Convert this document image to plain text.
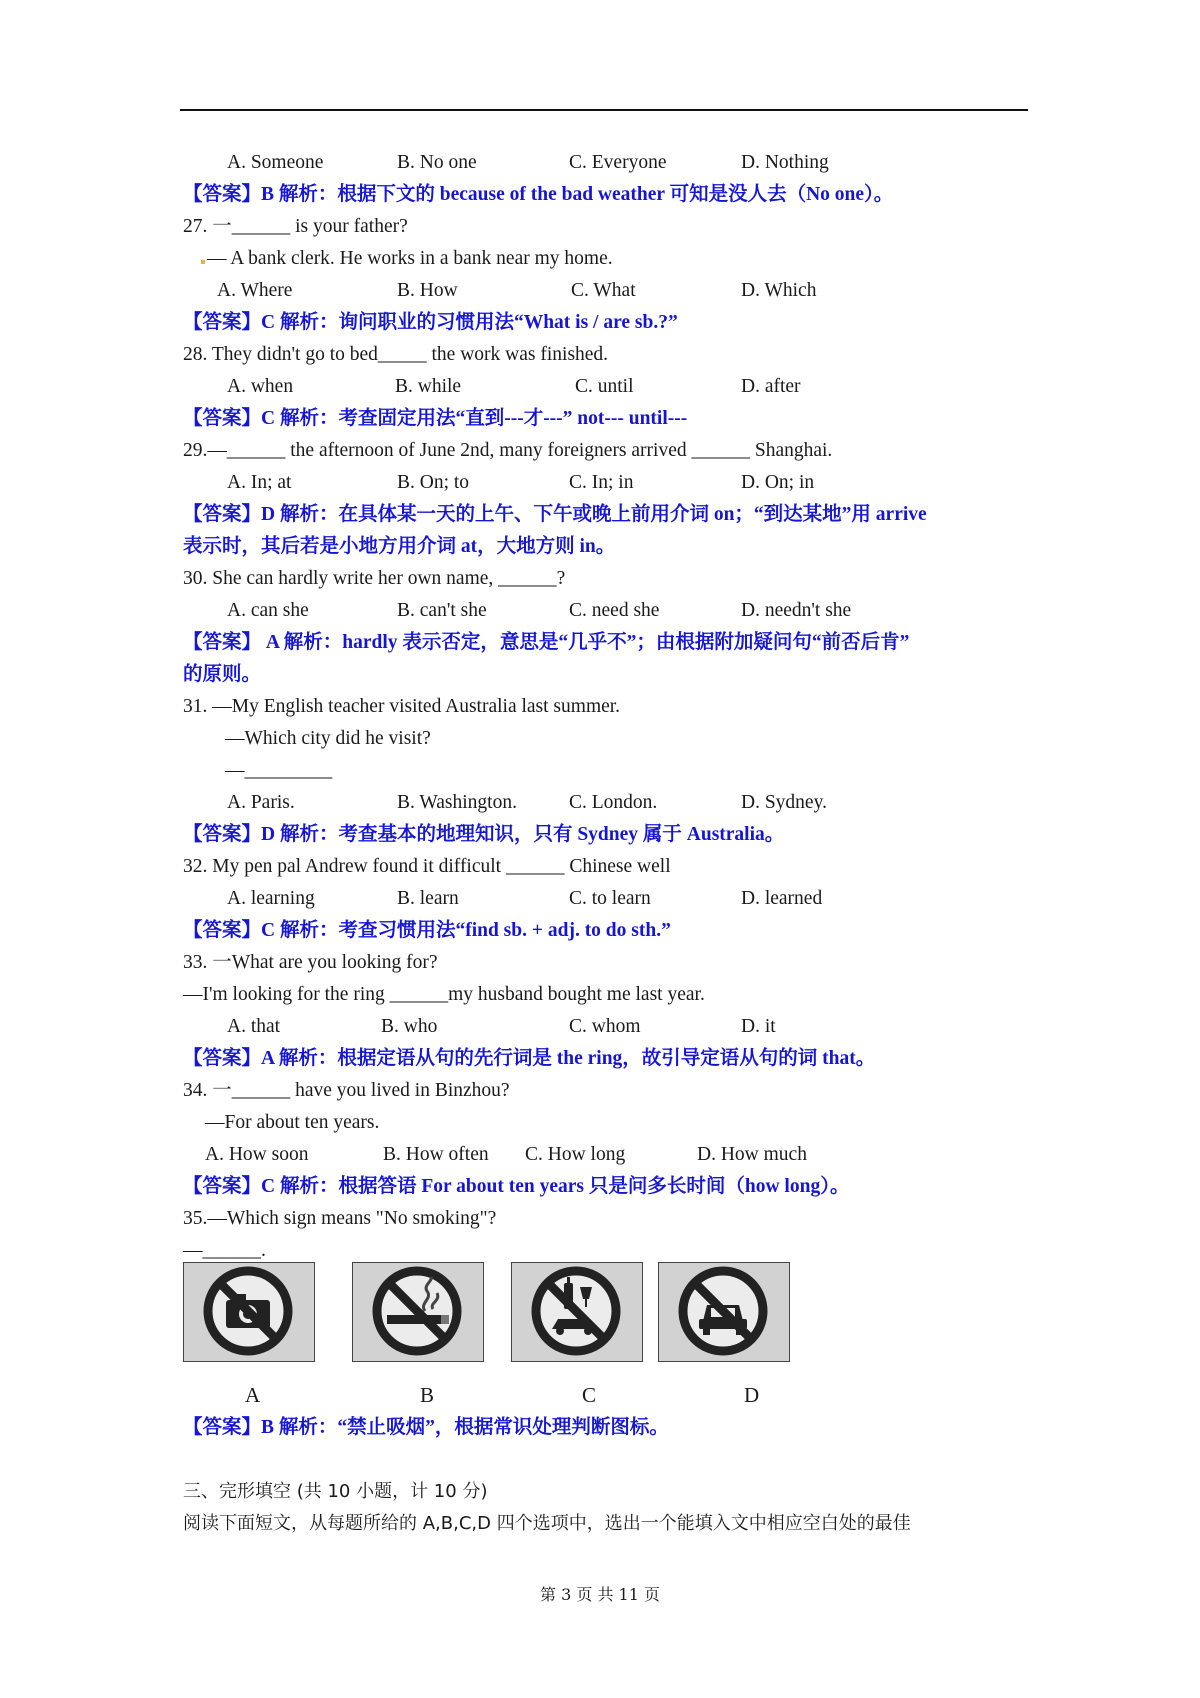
A. Someone	B. No one	C. Everyone	D. Nothing
【答案】B 解析：根据下文的 because of the bad weather 可知是没人去（No one）。
27. 一______ is your father?
— A bank clerk. He works in a bank near my home.
A. Where	B. How	C. What	D. Which
【答案】C 解析：询问职业的习惯用法“What is / are sb.?”
28. They didn't go to bed_____ the work was finished.
A. when	B. while	C. until	D. after
【答案】C 解析：考查固定用法“直到---才---” not--- until---
29.—______ the afternoon of June 2nd, many foreigners arrived ______ Shanghai.
A. In; at	B. On; to	C. In; in	D. On; in
【答案】D 解析：在具体某一天的上午、下午或晚上前用介词 on；“到达某地”用 arrive
表示时，其后若是小地方用介词 at，大地方则 in。
30. She can hardly write her own name, ______?
A. can she	B. can't she	C. need she	D. needn't she
【答案】 A 解析：hardly 表示否定，意思是“几乎不”；由根据附加疑问句“前否后肯”
的原则。
31. —My English teacher visited Australia last summer.
—Which city did he visit?
—_________
A. Paris.	B. Washington.	C. London.	D. Sydney.
【答案】D 解析：考查基本的地理知识，只有 Sydney 属于 Australia。
32. My pen pal Andrew found it difficult ______ Chinese well
A. learning	B. learn	C. to learn	D. learned
【答案】C 解析：考查习惯用法“find sb. + adj. to do sth.”
33. 一What are you looking for?
—I'm looking for the ring ______my husband bought me last year.
A. that	B. who	C. whom	D. it
【答案】A 解析：根据定语从句的先行词是 the ring，故引导定语从句的词 that。
34. 一______ have you lived in Binzhou?
—For about ten years.
A. How soon	B. How often C. How long	D. How much
【答案】C 解析：根据答语 For about ten years 只是问多长时间（how long）。
35.—Which sign means "No smoking"?
—______.
A	B	C	D
【答案】B 解析：“禁止吸烟”，根据常识处理判断图标。
三、完形填空 (共 10 小题，计 10 分)
阅读下面短文，从每题所给的 A,B,C,D 四个选项中，选出一个能填入文中相应空白处的最佳
第 3 页 共 11 页
